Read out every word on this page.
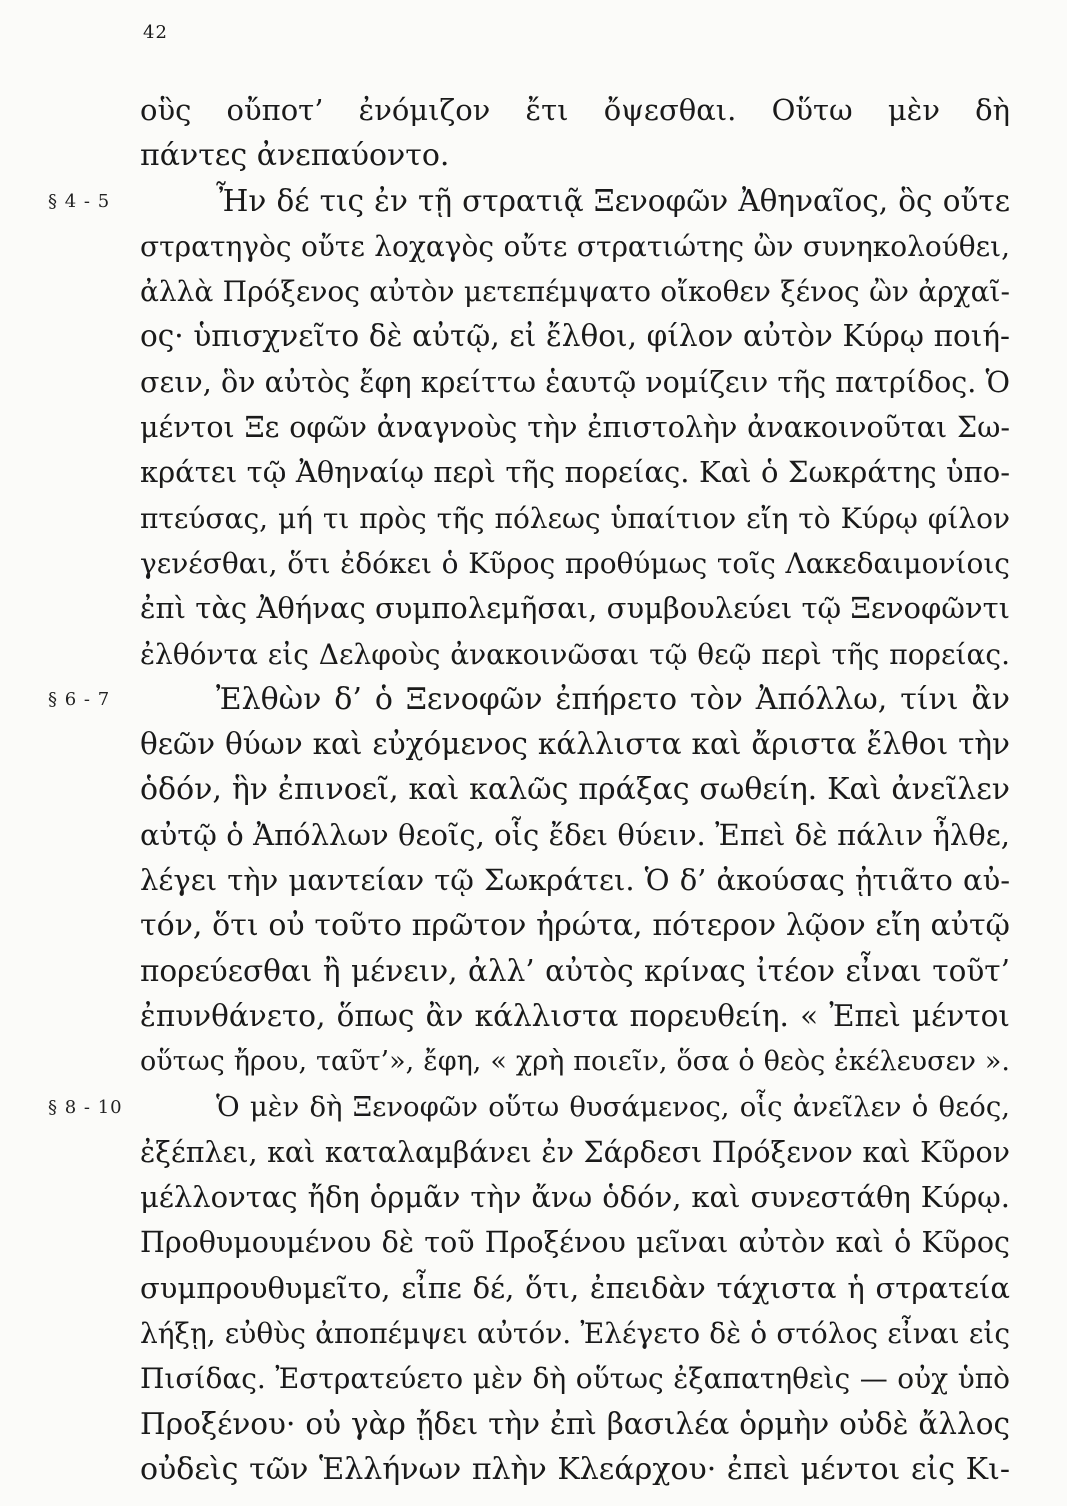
42
οὓς οὔποτ’ ἐνόμιζον ἔτι ὄψεσθαι. Οὕτω μὲν δὴ
πάντες ἀνεπαύοντο.
§ 4 - 5	Ἦν δέ τις ἐν τῇ στρατιᾷ Ξενοφῶν Ἀθηναῖος, ὃς οὔτε
στρατηγὸς οὔτε λοχαγὸς οὔτε στρατιώτης ὢν συνηκολούθει,
ἀλλὰ Πρόξενος αὐτὸν μετεπέμψατο οἴκοθεν ξένος ὢν ἀρχαῖ-
ος· ὑπισχνεῖτο δὲ αὐτῷ, εἰ ἔλθοι, φίλον αὐτὸν Κύρῳ ποιή-
σειν, ὃν αὐτὸς ἔφη κρείττω ἑαυτῷ νομίζειν τῆς πατρίδος. Ὁ
μέντοι Ξε οφῶν ἀναγνοὺς τὴν ἐπιστολὴν ἀνακοινοῦται Σω-
κράτει τῷ Ἀθηναίῳ περὶ τῆς πορείας. Καὶ ὁ Σωκράτης ὑπο-
πτεύσας, μή τι πρὸς τῆς πόλεως ὑπαίτιον εἴη τὸ Κύρῳ φίλον
γενέσθαι, ὅτι ἐδόκει ὁ Κῦρος προθύμως τοῖς Λακεδαιμονίοις
ἐπὶ τὰς Ἀθήνας συμπολεμῆσαι, συμβουλεύει τῷ Ξενοφῶντι
ἐλθόντα εἰς Δελφοὺς ἀνακοινῶσαι τῷ θεῷ περὶ τῆς πορείας.
§ 6 - 7	Ἐλθὼν δ’ ὁ Ξενοφῶν ἐπήρετο τὸν Ἀπόλλω, τίνι ἂν
θεῶν θύων καὶ εὐχόμενος κάλλιστα καὶ ἄριστα ἔλθοι τὴν
ὁδόν, ἣν ἐπινοεῖ, καὶ καλῶς πράξας σωθείη. Καὶ ἀνεῖλεν
αὐτῷ ὁ Ἀπόλλων θεοῖς, οἷς ἔδει θύειν. Ἐπεὶ δὲ πάλιν ἦλθε,
λέγει τὴν μαντείαν τῷ Σωκράτει. Ὁ δ’ ἀκούσας ᾐτιᾶτο αὐ-
τόν, ὅτι οὐ τοῦτο πρῶτον ἠρώτα, πότερον λῷον εἴη αὐτῷ
πορεύεσθαι ἢ μένειν, ἀλλ’ αὐτὸς κρίνας ἰτέον εἶναι τοῦτ’
ἐπυνθάνετο, ὅπως ἂν κάλλιστα πορευθείη. « Ἐπεὶ μέντοι
οὕτως ἤρου, ταῦτ’», ἔφη, « χρὴ ποιεῖν, ὅσα ὁ θεὸς ἐκέλευσεν ».
§ 8 - 10	Ὁ μὲν δὴ Ξενοφῶν οὕτω θυσάμενος, οἷς ἀνεῖλεν ὁ θεός,
ἐξέπλει, καὶ καταλαμβάνει ἐν Σάρδεσι Πρόξενον καὶ Κῦρον
μέλλοντας ἤδη ὁρμᾶν τὴν ἄνω ὁδόν, καὶ συνεστάθη Κύρῳ.
Προθυμουμένου δὲ τοῦ Προξένου μεῖναι αὐτὸν καὶ ὁ Κῦρος
συμπρουθυμεῖτο, εἶπε δέ, ὅτι, ἐπειδὰν τάχιστα ἡ στρατεία
λήξῃ, εὐθὺς ἀποπέμψει αὐτόν. Ἐλέγετο δὲ ὁ στόλος εἶναι εἰς
Πισίδας. Ἐστρατεύετο μὲν δὴ οὕτως ἐξαπατηθεὶς — οὐχ ὑπὸ
Προξένου· οὐ γὰρ ᾔδει τὴν ἐπὶ βασιλέα ὁρμὴν οὐδὲ ἄλλος
οὐδεὶς τῶν Ἑλλήνων πλὴν Κλεάρχου· ἐπεὶ μέντοι εἰς Κι-
